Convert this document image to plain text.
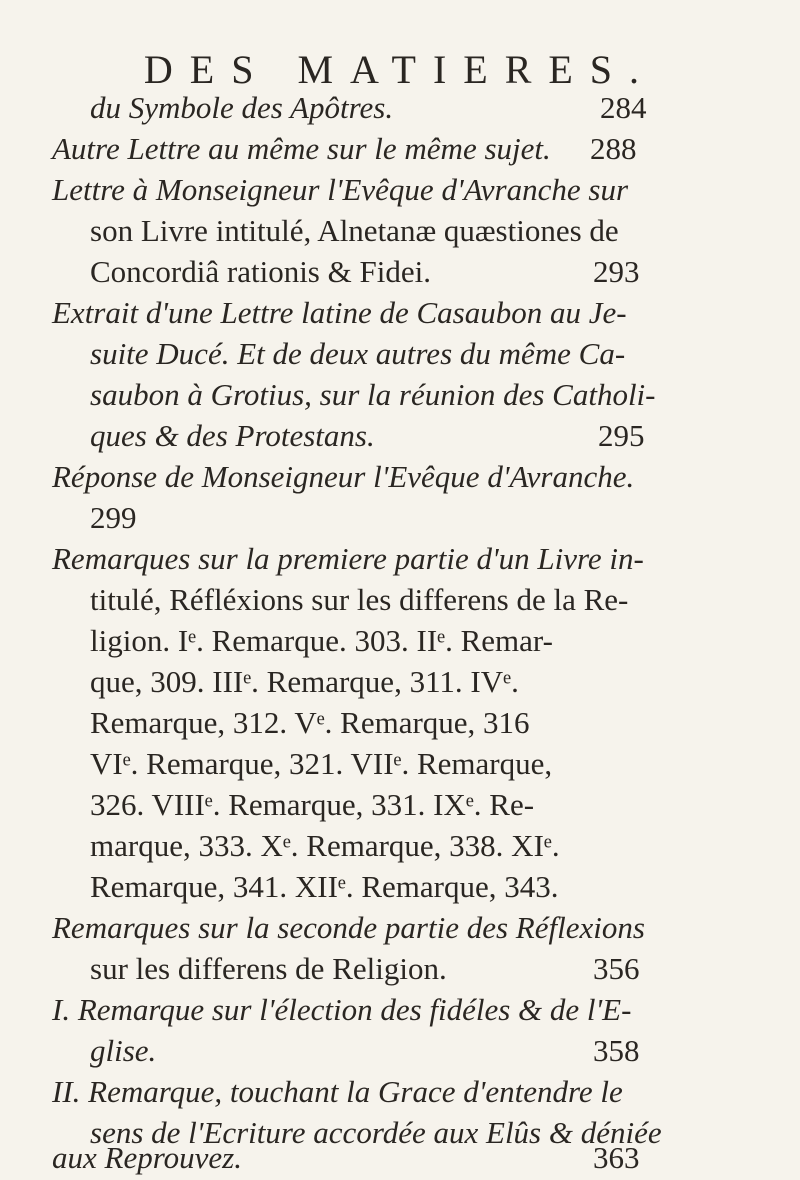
DES MATIERES.
du Symbole des Apôtres.	284
Autre Lettre au même sur le même sujet. 288
Lettre à Monseigneur l'Evêque d'Avranche sur
son Livre intitulé, Alnetanæ quæstiones de
Concordiâ rationis & Fidei.	293
Extrait d'une Lettre latine de Casaubon au Je-
suite Ducé. Et de deux autres du même Ca-
saubon à Grotius, sur la réunion des Catholi-
ques & des Protestans.	295
Réponse de Monseigneur l'Evêque d'Avranche.
299
Remarques sur la premiere partie d'un Livre in-
titulé, Réfléxions sur les differens de la Re-
ligion. Iᵉ. Remarque. 303. IIᵉ. Remar-
que, 309. IIIᵉ. Remarque, 311. IVᵉ.
Remarque, 312. Vᵉ. Remarque, 316
VIᵉ. Remarque, 321. VIIᵉ. Remarque,
326. VIIIᵉ. Remarque, 331. IXᵉ. Re-
marque, 333. Xᵉ. Remarque, 338. XIᵉ.
Remarque, 341. XIIᵉ. Remarque, 343.
Remarques sur la seconde partie des Réflexions
sur les differens de Religion.	356
I. Remarque sur l'élection des fidéles & de l'E-
glise.	358
II. Remarque, touchant la Grace d'entendre le
sens de l'Ecriture accordée aux Elûs & déniée
aux Reprouvez.	363
